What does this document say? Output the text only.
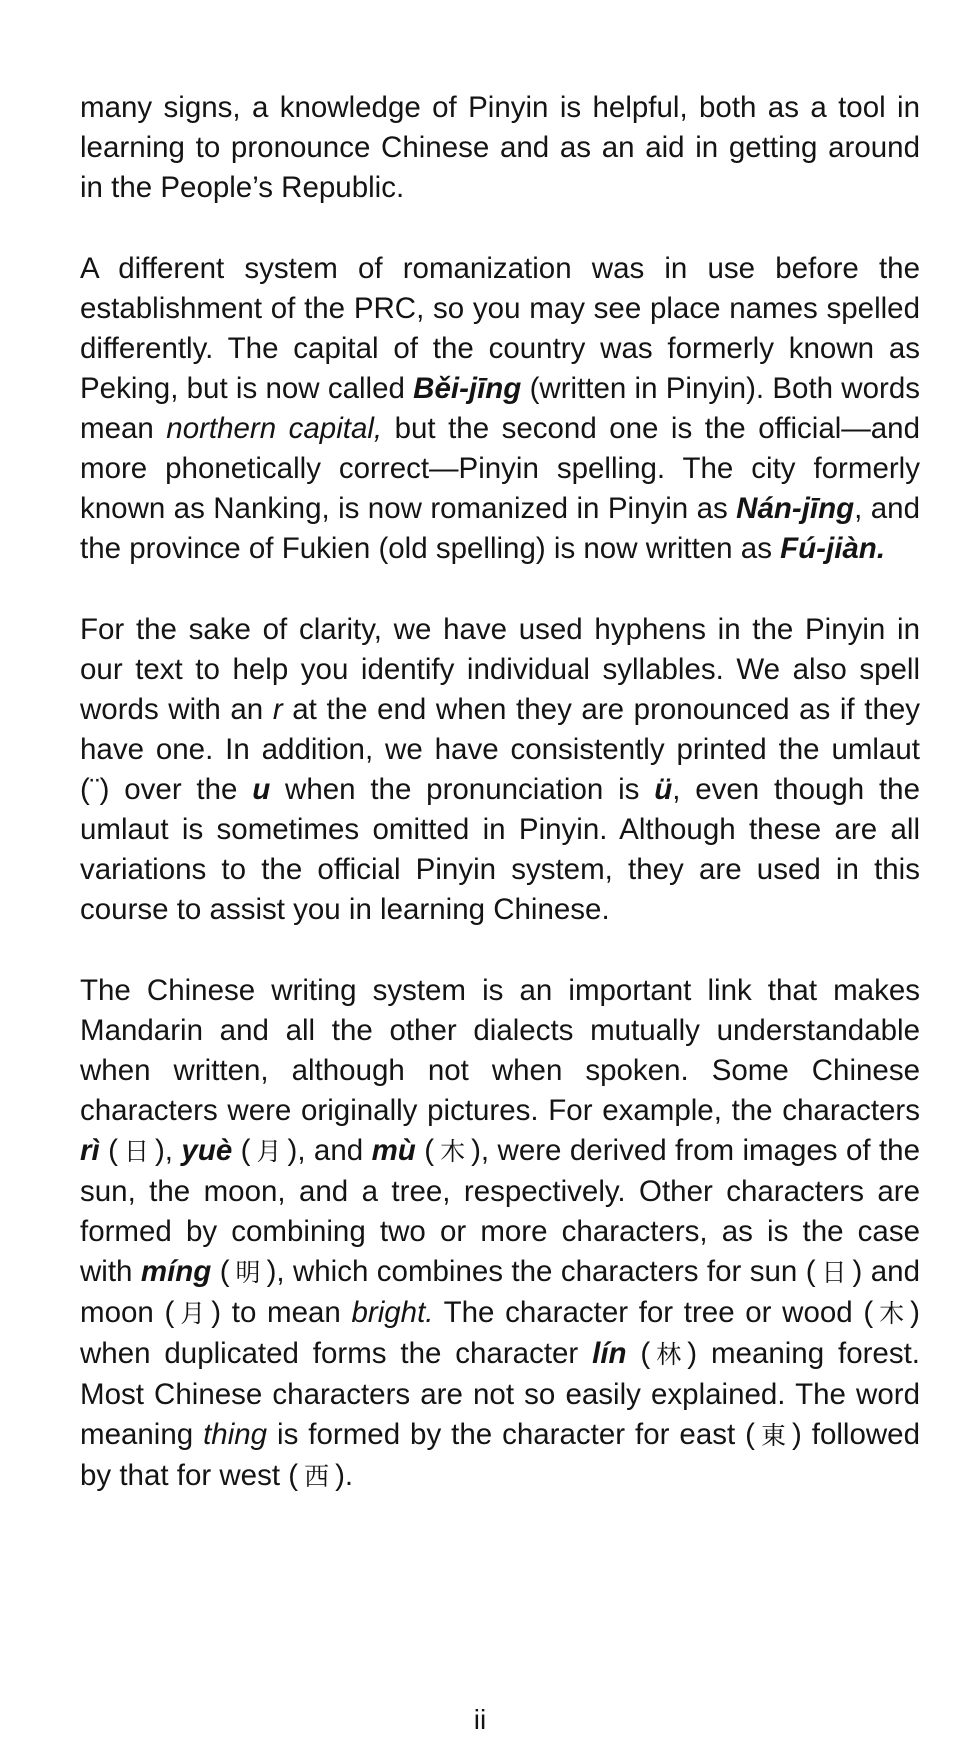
many signs, a knowledge of Pinyin is helpful, both as a tool in learning to pronounce Chinese and as an aid in getting around in the People’s Republic.

A different system of romanization was in use before the establishment of the PRC, so you may see place names spelled differently. The capital of the country was formerly known as Peking, but is now called Běi-jīng (written in Pinyin). Both words mean northern capital, but the second one is the official—and more phonetically correct—Pinyin spelling. The city formerly known as Nanking, is now romanized in Pinyin as Nán-jīng, and the province of Fukien (old spelling) is now written as Fú-jiàn.

For the sake of clarity, we have used hyphens in the Pinyin in our text to help you identify individual syllables. We also spell words with an r at the end when they are pronounced as if they have one. In addition, we have consistently printed the umlaut (¨) over the u when the pronunciation is ü, even though the umlaut is sometimes omitted in Pinyin. Although these are all variations to the official Pinyin system, they are used in this course to assist you in learning Chinese.

The Chinese writing system is an important link that makes Mandarin and all the other dialects mutually understandable when written, although not when spoken. Some Chinese characters were originally pictures. For example, the characters rì ( 日 ), yuè ( 月 ), and mù ( 木 ), were derived from images of the sun, the moon, and a tree, respectively. Other characters are formed by combining two or more characters, as is the case with míng ( 明 ), which combines the characters for sun ( 日 ) and moon ( 月 ) to mean bright. The character for tree or wood ( 木 ) when duplicated forms the character lín ( 林 ) meaning forest. Most Chinese characters are not so easily explained. The word meaning thing is formed by the character for east ( 東 ) followed by that for west ( 西 ).

ii
